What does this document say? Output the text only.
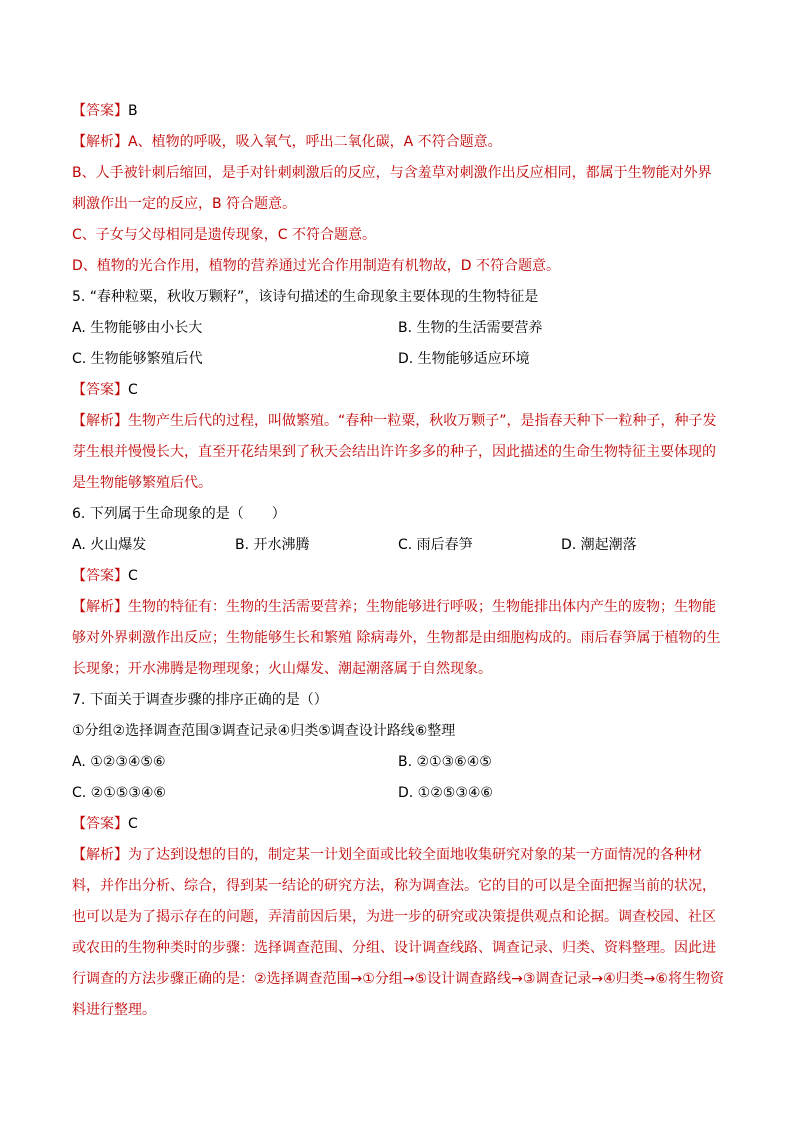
【答案】B
【解析】A、植物的呼吸，吸入氧气，呼出二氧化碳，A 不符合题意。

B、人手被针刺后缩回，是手对针刺刺激后的反应，与含羞草对刺激作出反应相同，都属于生物能对外界刺激作出一定的反应，B 符合题意。

C、子女与父母相同是遗传现象，C 不符合题意。

D、植物的光合作用，植物的营养通过光合作用制造有机物故，D 不符合题意。

5. “春种粒粟，秋收万颗籽”，该诗句描述的生命现象主要体现的生物特征是
A. 生物能够由小长大	B. 生物的生活需要营养
C. 生物能够繁殖后代	D. 生物能够适应环境
【答案】C

【解析】生物产生后代的过程，叫做繁殖。“春种一粒粟，秋收万颗子”，是指春天种下一粒种子，种子发芽生根并慢慢长大，直至开花结果到了秋天会结出许许多多的种子，因此描述的生命生物特征主要体现的是生物能够繁殖后代。

6. 下列属于生命现象的是（　　）
A. 火山爆发	B. 开水沸腾	C. 雨后春笋	D. 潮起潮落
【答案】C

【解析】生物的特征有：生物的生活需要营养；生物能够进行呼吸；生物能排出体内产生的废物；生物能够对外界刺激作出反应；生物能够生长和繁殖 除病毒外，生物都是由细胞构成的。雨后春笋属于植物的生长现象；开水沸腾是物理现象；火山爆发、潮起潮落属于自然现象。

7. 下面关于调查步骤的排序正确的是（）
①分组②选择调查范围③调查记录④归类⑤调查设计路线⑥整理
A. ①②③④⑤⑥	B. ②①③⑥④⑤
C. ②①⑤③④⑥	D. ①②⑤③④⑥
【答案】C

【解析】为了达到设想的目的，制定某一计划全面或比较全面地收集研究对象的某一方面情况的各种材料，并作出分析、综合，得到某一结论的研究方法，称为调查法。它的目的可以是全面把握当前的状况，也可以是为了揭示存在的问题，弄清前因后果，为进一步的研究或决策提供观点和论据。调查校园、社区或农田的生物种类时的步骤：选择调查范围、分组、设计调查线路、调查记录、归类、资料整理。因此进行调查的方法步骤正确的是：②选择调查范围→①分组→⑤设计调查路线→③调查记录→④归类→⑥将生物资料进行整理。
